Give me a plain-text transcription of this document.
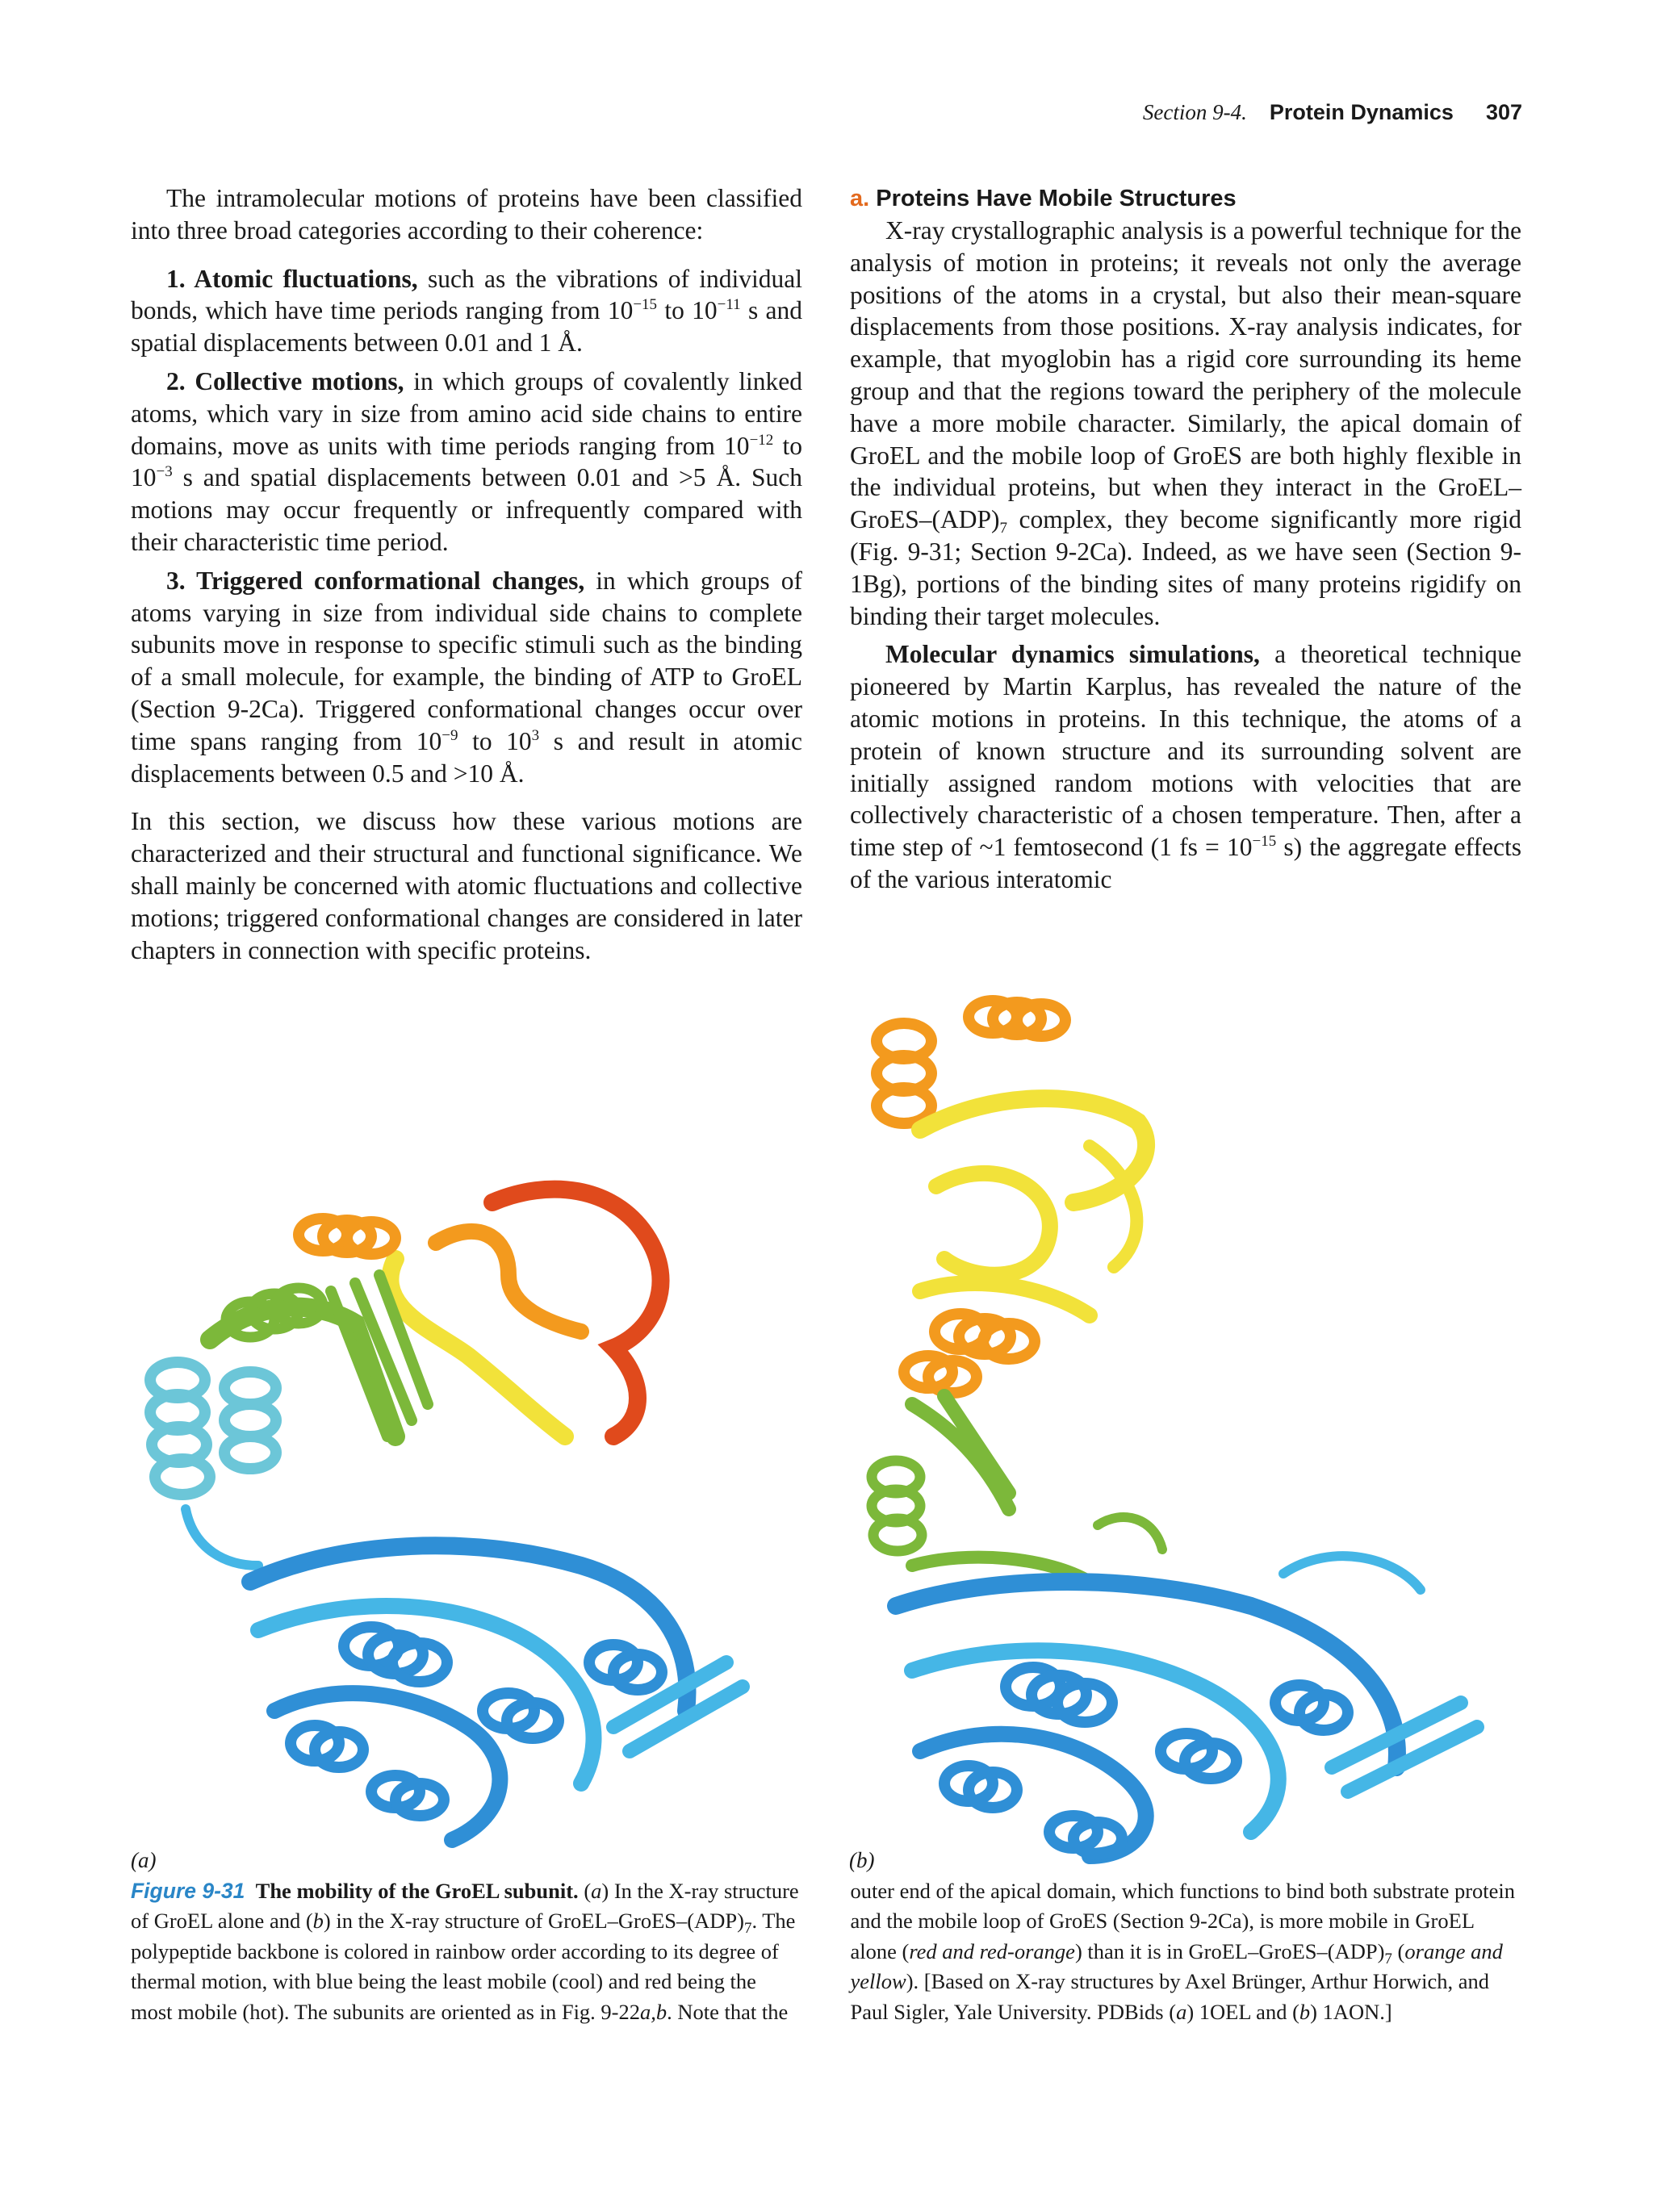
Section 9-4. Protein Dynamics 307

The intramolecular motions of proteins have been classified into three broad categories according to their coherence:

1. Atomic fluctuations, such as the vibrations of individual bonds, which have time periods ranging from $10^{-15}$ to $10^{-11}$ s and spatial displacements between 0.01 and 1 Å.

2. Collective motions, in which groups of covalently linked atoms, which vary in size from amino acid side chains to entire domains, move as units with time periods ranging from $10^{-12}$ to $10^{-3}$ s and spatial displacements between 0.01 and >5 Å. Such motions may occur frequently or infrequently compared with their characteristic time period.

3. Triggered conformational changes, in which groups of atoms varying in size from individual side chains to complete subunits move in response to specific stimuli such as the binding of a small molecule, for example, the binding of ATP to GroEL (Section 9-2Ca). Triggered conformational changes occur over time spans ranging from $10^{-9}$ to $10^3$ s and result in atomic displacements between 0.5 and >10 Å.

In this section, we discuss how these various motions are characterized and their structural and functional significance. We shall mainly be concerned with atomic fluctuations and collective motions; triggered conformational changes are considered in later chapters in connection with specific proteins.

a. Proteins Have Mobile Structures

X-ray crystallographic analysis is a powerful technique for the analysis of motion in proteins; it reveals not only the average positions of the atoms in a crystal, but also their mean-square displacements from those positions. X-ray analysis indicates, for example, that myoglobin has a rigid core surrounding its heme group and that the regions toward the periphery of the molecule have a more mobile character. Similarly, the apical domain of GroEL and the mobile loop of GroES are both highly flexible in the individual proteins, but when they interact in the GroEL–$GroES-(ADP)_7$ complex, they become significantly more rigid (Fig. 9-31; Section 9-2Ca). Indeed, as we have seen (Section 9-1Bg), portions of the binding sites of many proteins rigidify on binding their target molecules.

Molecular dynamics simulations, a theoretical technique pioneered by Martin Karplus, has revealed the nature of the atomic motions in proteins. In this technique, the atoms of a protein of known structure and its surrounding solvent are initially assigned random motions with velocities that are collectively characteristic of a chosen temperature. Then, after a time step of ~1 femtosecond (1 fs = $10^{-15}$ s) the aggregate effects of the various interatomic

(a)	(b)
Figure 9-31 The mobility of the GroEL subunit. (a) In the X-ray structure of GroEL alone and (b) in the X-ray structure of GroEL–$GroES-(ADP)_7$. The polypeptide backbone is colored in rainbow order according to its degree of thermal motion, with blue being the least mobile (cool) and red being the most mobile (hot). The subunits are oriented as in Fig. 9-22a,b. Note that the outer end of the apical domain, which functions to bind both substrate protein and the mobile loop of GroES (Section 9-2Ca), is more mobile in GroEL alone (red and red-orange) than it is in GroEL–$GroES-(ADP)_7$ (orange and yellow). [Based on X-ray structures by Axel Brünger, Arthur Horwich, and Paul Sigler, Yale University. PDBids (a) 1OEL and (b) 1AON.]
